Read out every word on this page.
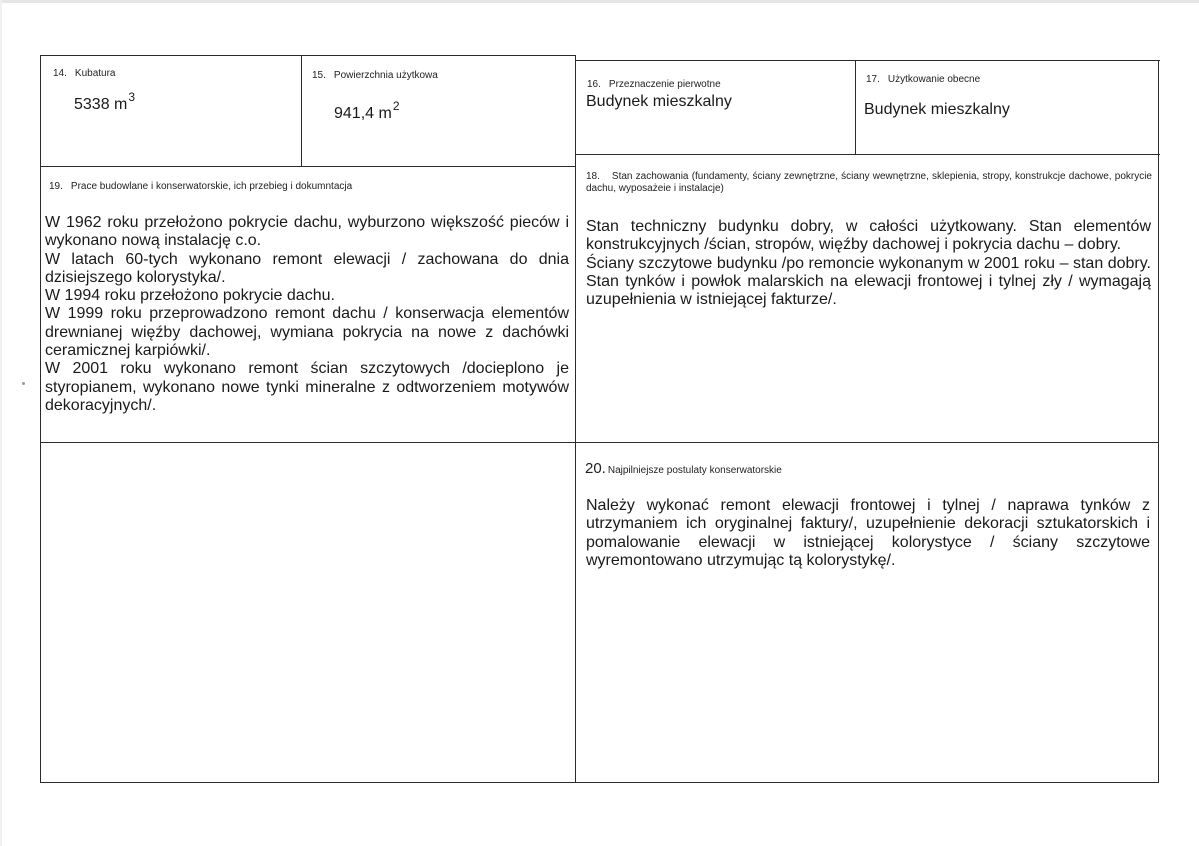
14. Kubatura
5338 $m^3$
15. Powierzchnia użytkowa
941,4 $m^2$
16. Przeznaczenie pierwotne
Budynek mieszkalny
17. Użytkowanie obecne
Budynek mieszkalny
19. Prace budowlane i konserwatorskie, ich przebieg i dokumntacja

W 1962 roku przełożono pokrycie dachu, wyburzono większość pieców i wykonano nową instalację c.o.

W latach 60-tych wykonano remont elewacji / zachowana do dnia dzisiejszego kolorystyka/.

W 1994 roku przełożono pokrycie dachu.

W 1999 roku przeprowadzono remont dachu / konserwacja elementów drewnianej więźby dachowej, wymiana pokrycia na nowe z dachówki ceramicznej karpiówki/.

W 2001 roku wykonano remont ścian szczytowych /docieplono je styropianem, wykonano nowe tynki mineralne z odtworzeniem motywów dekoracyjnych/.

18. Stan zachowania (fundamenty, ściany zewnętrzne, ściany wewnętrzne, sklepienia, stropy, konstrukcje dachowe, pokrycie dachu, wyposażeie i instalacje)

Stan techniczny budynku dobry, w całości użytkowany. Stan elementów konstrukcyjnych /ścian, stropów, więźby dachowej i pokrycia dachu – dobry.

Ściany szczytowe budynku /po remoncie wykonanym w 2001 roku – stan dobry. Stan tynków i powłok malarskich na elewacji frontowej i tylnej zły / wymagają uzupełnienia w istniejącej fakturze/.

20. Najpilniejsze postulaty konserwatorskie

Należy wykonać remont elewacji frontowej i tylnej / naprawa tynków z utrzymaniem ich oryginalnej faktury/, uzupełnienie dekoracji sztukatorskich i pomalowanie elewacji w istniejącej kolorystyce / ściany szczytowe wyremontowano utrzymując tą kolorystykę/.
